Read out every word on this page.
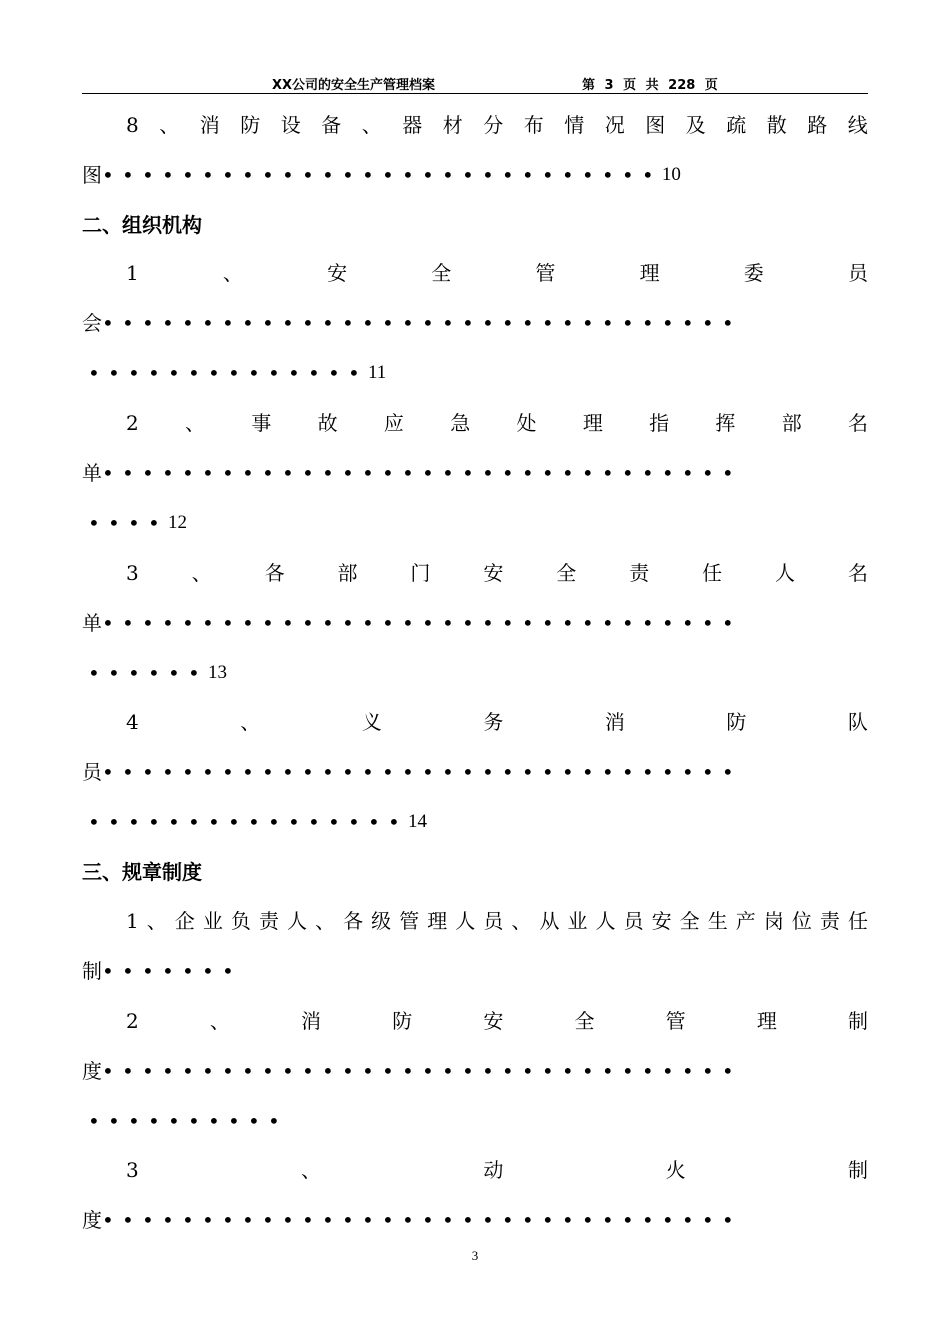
XX公司的安全生产管理档案	第 3 页 共 228 页
8 、 消 防 设 备 、 器 材 分 布 情 况 图 及 疏 散 路 线
图 •••••••••••••••••••••••••••• 10
二、组织机构
1	、	安	全	管	理	委	员
会 ••••••••••••••••••••••••••••••••
•••••••••••••• 11
2 、 事 故 应 急 处 理 指 挥 部 名
单 ••••••••••••••••••••••••••••••••
•••• 12
3	、	各	部	门	安	全	责	任	人	名
单 ••••••••••••••••••••••••••••••••
•••••• 13
4	、	义	务	消	防	队
员 ••••••••••••••••••••••••••••••••
•••••••••••••••• 14
三、规章制度
1 、 企 业 负 责 人 、 各 级 管 理 人 员 、 从 业 人 员 安 全 生 产 岗 位 责 任
制 •••••••
2	、	消	防	安	全	管	理	制
度 ••••••••••••••••••••••••••••••••
••••••••••
3	、	动	火	制
度 ••••••••••••••••••••••••••••••••
3
